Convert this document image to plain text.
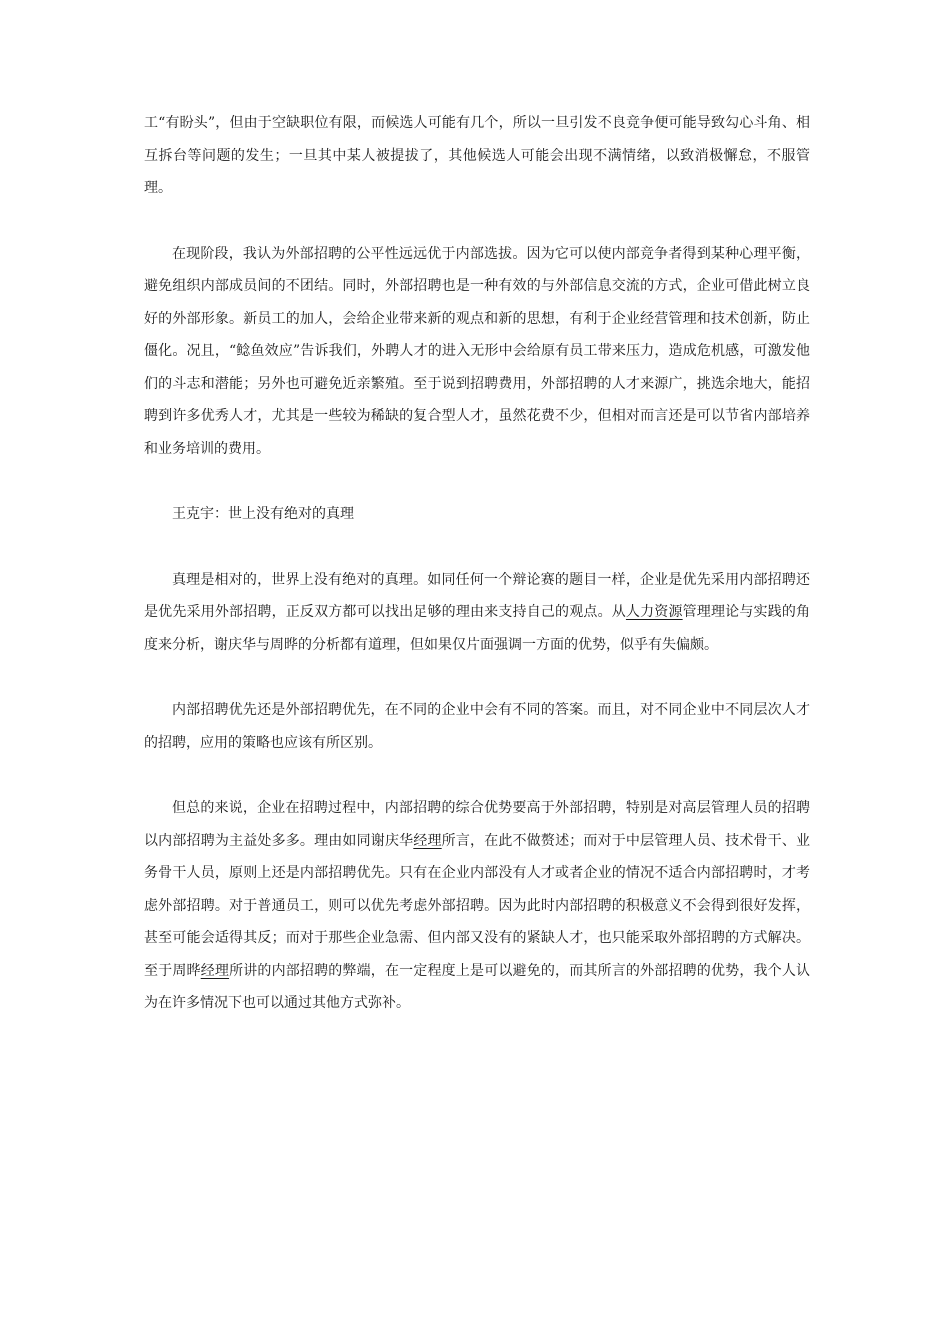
工“有盼头”，但由于空缺职位有限，而候选人可能有几个，所以一旦引发不良竞争便可能导致勾心斗角、相互拆台等问题的发生；一旦其中某人被提拔了，其他候选人可能会出现不满情绪，以致消极懈怠，不服管理。

在现阶段，我认为外部招聘的公平性远远优于内部选拔。因为它可以使内部竞争者得到某种心理平衡，避免组织内部成员间的不团结。同时，外部招聘也是一种有效的与外部信息交流的方式，企业可借此树立良好的外部形象。新员工的加人，会给企业带来新的观点和新的思想，有利于企业经营管理和技术创新，防止僵化。况且，“鲶鱼效应”告诉我们，外聘人才的进入无形中会给原有员工带来压力，造成危机感，可激发他们的斗志和潜能；另外也可避免近亲繁殖。至于说到招聘费用，外部招聘的人才来源广，挑选余地大，能招聘到许多优秀人才，尤其是一些较为稀缺的复合型人才，虽然花费不少，但相对而言还是可以节省内部培养和业务培训的费用。

王克宇：世上没有绝对的真理

真理是相对的，世界上没有绝对的真理。如同任何一个辩论赛的题目一样，企业是优先采用内部招聘还是优先采用外部招聘，正反双方都可以找出足够的理由来支持自己的观点。从人力资源管理理论与实践的角度来分析，谢庆华与周晔的分析都有道理，但如果仅片面强调一方面的优势，似乎有失偏颇。

内部招聘优先还是外部招聘优先，在不同的企业中会有不同的答案。而且，对不同企业中不同层次人才的招聘，应用的策略也应该有所区别。

但总的来说，企业在招聘过程中，内部招聘的综合优势要高于外部招聘，特别是对高层管理人员的招聘以内部招聘为主益处多多。理由如同谢庆华经理所言，在此不做赘述；而对于中层管理人员、技术骨干、业务骨干人员，原则上还是内部招聘优先。只有在企业内部没有人才或者企业的情况不适合内部招聘时，才考虑外部招聘。对于普通员工，则可以优先考虑外部招聘。因为此时内部招聘的积极意义不会得到很好发挥，甚至可能会适得其反；而对于那些企业急需、但内部又没有的紧缺人才，也只能采取外部招聘的方式解决。至于周晔经理所讲的内部招聘的弊端，在一定程度上是可以避免的，而其所言的外部招聘的优势，我个人认为在许多情况下也可以通过其他方式弥补。
